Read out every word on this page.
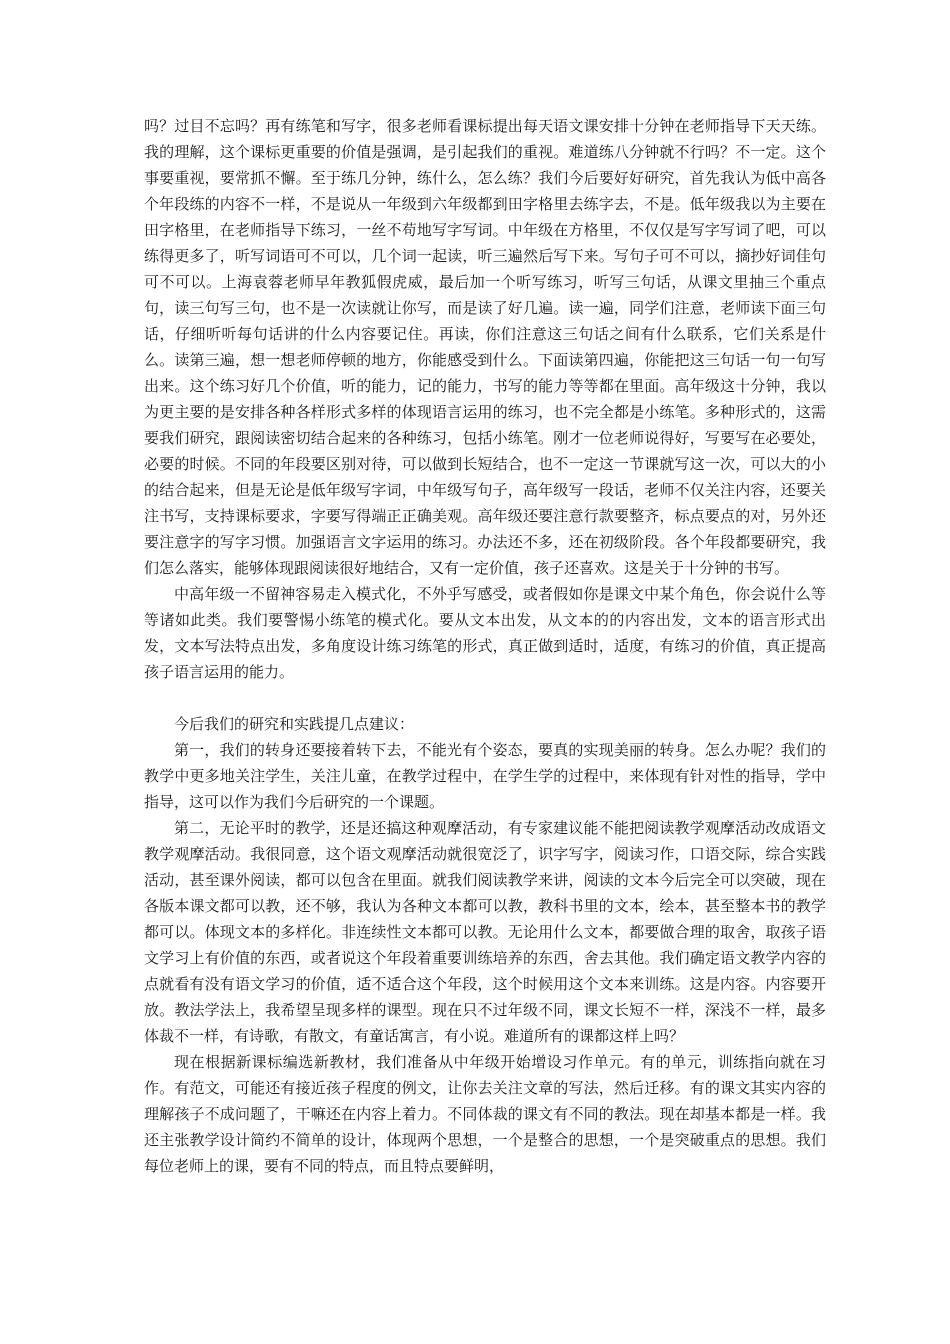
吗？过目不忘吗？再有练笔和写字，很多老师看课标提出每天语文课安排十分钟在老师指导下天天练。我的理解，这个课标更重要的价值是强调，是引起我们的重视。难道练八分钟就不行吗？不一定。这个事要重视，要常抓不懈。至于练几分钟，练什么，怎么练？我们今后要好好研究，首先我认为低中高各个年段练的内容不一样，不是说从一年级到六年级都到田字格里去练字去，不是。低年级我以为主要在田字格里，在老师指导下练习，一丝不苟地写字写词。中年级在方格里，不仅仅是写字写词了吧，可以练得更多了，听写词语可不可以，几个词一起读，听三遍然后写下来。写句子可不可以，摘抄好词佳句可不可以。上海袁蓉老师早年教狐假虎威，最后加一个听写练习，听写三句话，从课文里抽三个重点句，读三句写三句，也不是一次读就让你写，而是读了好几遍。读一遍，同学们注意，老师读下面三句话，仔细听听每句话讲的什么内容要记住。再读，你们注意这三句话之间有什么联系，它们关系是什么。读第三遍，想一想老师停顿的地方，你能感受到什么。下面读第四遍，你能把这三句话一句一句写出来。这个练习好几个价值，听的能力，记的能力，书写的能力等等都在里面。高年级这十分钟，我以为更主要的是安排各种各样形式多样的体现语言运用的练习，也不完全都是小练笔。多种形式的，这需要我们研究，跟阅读密切结合起来的各种练习，包括小练笔。刚才一位老师说得好，写要写在必要处，必要的时候。不同的年段要区别对待，可以做到长短结合，也不一定这一节课就写这一次，可以大的小的结合起来，但是无论是低年级写字词，中年级写句子，高年级写一段话，老师不仅关注内容，还要关注书写，支持课标要求，字要写得端正正确美观。高年级还要注意行款要整齐，标点要点的对，另外还要注意字的写字习惯。加强语言文字运用的练习。办法还不多，还在初级阶段。各个年段都要研究，我们怎么落实，能够体现跟阅读很好地结合，又有一定价值，孩子还喜欢。这是关于十分钟的书写。

中高年级一不留神容易走入模式化，不外乎写感受，或者假如你是课文中某个角色，你会说什么等等诸如此类。我们要警惕小练笔的模式化。要从文本出发，从文本的的内容出发，文本的语言形式出发，文本写法特点出发，多角度设计练习练笔的形式，真正做到适时，适度，有练习的价值，真正提高孩子语言运用的能力。

今后我们的研究和实践提几点建议：

第一，我们的转身还要接着转下去，不能光有个姿态，要真的实现美丽的转身。怎么办呢？我们的教学中更多地关注学生，关注儿童，在教学过程中，在学生学的过程中，来体现有针对性的指导，学中指导，这可以作为我们今后研究的一个课题。

第二，无论平时的教学，还是还搞这种观摩活动，有专家建议能不能把阅读教学观摩活动改成语文教学观摩活动。我很同意，这个语文观摩活动就很宽泛了，识字写字，阅读习作，口语交际，综合实践活动，甚至课外阅读，都可以包含在里面。就我们阅读教学来讲，阅读的文本今后完全可以突破，现在各版本课文都可以教，还不够，我认为各种文本都可以教，教科书里的文本，绘本，甚至整本书的教学都可以。体现文本的多样化。非连续性文本都可以教。无论用什么文本，都要做合理的取舍，取孩子语文学习上有价值的东西，或者说这个年段着重要训练培养的东西，舍去其他。我们确定语文教学内容的点就看有没有语文学习的价值，适不适合这个年段，这个时候用这个文本来训练。这是内容。内容要开放。教法学法上，我希望呈现多样的课型。现在只不过年级不同，课文长短不一样，深浅不一样，最多体裁不一样，有诗歌，有散文，有童话寓言，有小说。难道所有的课都这样上吗？

现在根据新课标编选新教材，我们准备从中年级开始增设习作单元。有的单元，训练指向就在习作。有范文，可能还有接近孩子程度的例文，让你去关注文章的写法，然后迁移。有的课文其实内容的理解孩子不成问题了，干嘛还在内容上着力。不同体裁的课文有不同的教法。现在却基本都是一样。我还主张教学设计简约不简单的设计，体现两个思想，一个是整合的思想，一个是突破重点的思想。我们每位老师上的课，要有不同的特点，而且特点要鲜明，
